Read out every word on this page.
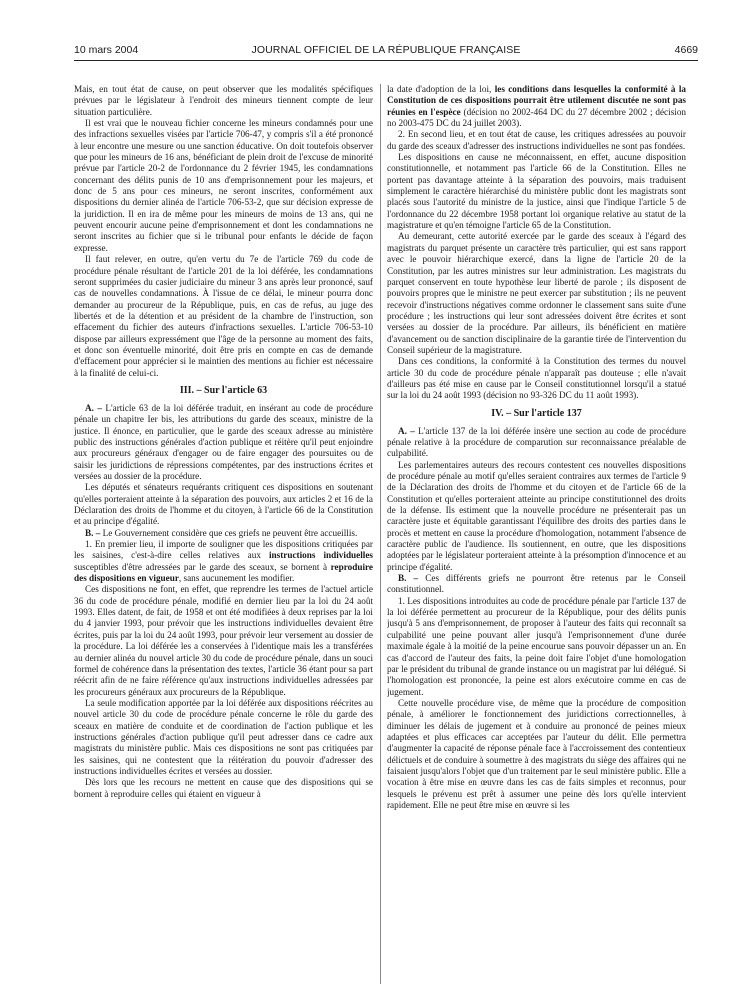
10 mars 2004	JOURNAL OFFICIEL DE LA RÉPUBLIQUE FRANÇAISE	4669

Mais, en tout état de cause, on peut observer que les modalités spécifiques prévues par le législateur à l'endroit des mineurs tiennent compte de leur situation particulière.

Il est vrai que le nouveau fichier concerne les mineurs condamnés pour une des infractions sexuelles visées par l'article 706-47, y compris s'il a été prononcé à leur encontre une mesure ou une sanction éducative. On doit toutefois observer que pour les mineurs de 16 ans, bénéficiant de plein droit de l'excuse de minorité prévue par l'article 20-2 de l'ordonnance du 2 février 1945, les condamnations concernant des délits punis de 10 ans d'emprisonnement pour les majeurs, et donc de 5 ans pour ces mineurs, ne seront inscrites, conformément aux dispositions du dernier alinéa de l'article 706-53-2, que sur décision expresse de la juridiction. Il en ira de même pour les mineurs de moins de 13 ans, qui ne peuvent encourir aucune peine d'emprisonnement et dont les condamnations ne seront inscrites au fichier que si le tribunal pour enfants le décide de façon expresse.

Il faut relever, en outre, qu'en vertu du 7e de l'article 769 du code de procédure pénale résultant de l'article 201 de la loi déférée, les condamnations seront supprimées du casier judiciaire du mineur 3 ans après leur prononcé, sauf cas de nouvelles condamnations. À l'issue de ce délai, le mineur pourra donc demander au procureur de la République, puis, en cas de refus, au juge des libertés et de la détention et au président de la chambre de l'instruction, son effacement du fichier des auteurs d'infractions sexuelles. L'article 706-53-10 dispose par ailleurs expressément que l'âge de la personne au moment des faits, et donc son éventuelle minorité, doit être pris en compte en cas de demande d'effacement pour apprécier si le maintien des mentions au fichier est nécessaire à la finalité de celui-ci.

III. – Sur l'article 63

A. – L'article 63 de la loi déférée traduit, en insérant au code de procédure pénale un chapitre Ier bis, les attributions du garde des sceaux, ministre de la justice. Il énonce, en particulier, que le garde des sceaux adresse au ministère public des instructions générales d'action publique et réitère qu'il peut enjoindre aux procureurs généraux d'engager ou de faire engager des poursuites ou de saisir les juridictions de répressions compétentes, par des instructions écrites et versées au dossier de la procédure.

Les députés et sénateurs requérants critiquent ces dispositions en soutenant qu'elles porteraient atteinte à la séparation des pouvoirs, aux articles 2 et 16 de la Déclaration des droits de l'homme et du citoyen, à l'article 66 de la Constitution et au principe d'égalité.

B. – Le Gouvernement considère que ces griefs ne peuvent être accueillis.

1. En premier lieu, il importe de souligner que les dispositions critiquées par les saisines, c'est-à-dire celles relatives aux instructions individuelles susceptibles d'être adressées par le garde des sceaux, se bornent à reproduire des dispositions en vigueur, sans aucunement les modifier.

Ces dispositions ne font, en effet, que reprendre les termes de l'actuel article 36 du code de procédure pénale, modifié en dernier lieu par la loi du 24 août 1993. Elles datent, de fait, de 1958 et ont été modifiées à deux reprises par la loi du 4 janvier 1993, pour prévoir que les instructions individuelles devaient être écrites, puis par la loi du 24 août 1993, pour prévoir leur versement au dossier de la procédure. La loi déférée les a conservées à l'identique mais les a transférées au dernier alinéa du nouvel article 30 du code de procédure pénale, dans un souci formel de cohérence dans la présentation des textes, l'article 36 étant pour sa part réécrit afin de ne faire référence qu'aux instructions individuelles adressées par les procureurs généraux aux procureurs de la République.

La seule modification apportée par la loi déférée aux dispositions réécrites au nouvel article 30 du code de procédure pénale concerne le rôle du garde des sceaux en matière de conduite et de coordination de l'action publique et les instructions générales d'action publique qu'il peut adresser dans ce cadre aux magistrats du ministère public. Mais ces dispositions ne sont pas critiquées par les saisines, qui ne contestent que la réitération du pouvoir d'adresser des instructions individuelles écrites et versées au dossier.

Dès lors que les recours ne mettent en cause que des dispositions qui se bornent à reproduire celles qui étaient en vigueur à

la date d'adoption de la loi, les conditions dans lesquelles la conformité à la Constitution de ces dispositions pourrait être utilement discutée ne sont pas réunies en l'espèce (décision no 2002-464 DC du 27 décembre 2002 ; décision no 2003-475 DC du 24 juillet 2003).

2. En second lieu, et en tout état de cause, les critiques adressées au pouvoir du garde des sceaux d'adresser des instructions individuelles ne sont pas fondées.

Les dispositions en cause ne méconnaissent, en effet, aucune disposition constitutionnelle, et notamment pas l'article 66 de la Constitution. Elles ne portent pas davantage atteinte à la séparation des pouvoirs, mais traduisent simplement le caractère hiérarchisé du ministère public dont les magistrats sont placés sous l'autorité du ministre de la justice, ainsi que l'indique l'article 5 de l'ordonnance du 22 décembre 1958 portant loi organique relative au statut de la magistrature et qu'en témoigne l'article 65 de la Constitution.

Au demeurant, cette autorité exercée par le garde des sceaux à l'égard des magistrats du parquet présente un caractère très particulier, qui est sans rapport avec le pouvoir hiérarchique exercé, dans la ligne de l'article 20 de la Constitution, par les autres ministres sur leur administration. Les magistrats du parquet conservent en toute hypothèse leur liberté de parole ; ils disposent de pouvoirs propres que le ministre ne peut exercer par substitution ; ils ne peuvent recevoir d'instructions négatives comme ordonner le classement sans suite d'une procédure ; les instructions qui leur sont adressées doivent être écrites et sont versées au dossier de la procédure. Par ailleurs, ils bénéficient en matière d'avancement ou de sanction disciplinaire de la garantie tirée de l'intervention du Conseil supérieur de la magistrature.

Dans ces conditions, la conformité à la Constitution des termes du nouvel article 30 du code de procédure pénale n'apparaît pas douteuse ; elle n'avait d'ailleurs pas été mise en cause par le Conseil constitutionnel lorsqu'il a statué sur la loi du 24 août 1993 (décision no 93-326 DC du 11 août 1993).

IV. – Sur l'article 137

A. – L'article 137 de la loi déférée insère une section au code de procédure pénale relative à la procédure de comparution sur reconnaissance préalable de culpabilité.

Les parlementaires auteurs des recours contestent ces nouvelles dispositions de procédure pénale au motif qu'elles seraient contraires aux termes de l'article 9 de la Déclaration des droits de l'homme et du citoyen et de l'article 66 de la Constitution et qu'elles porteraient atteinte au principe constitutionnel des droits de la défense. Ils estiment que la nouvelle procédure ne présenterait pas un caractère juste et équitable garantissant l'équilibre des droits des parties dans le procès et mettent en cause la procédure d'homologation, notamment l'absence de caractère public de l'audience. Ils soutiennent, en outre, que les dispositions adoptées par le législateur porteraient atteinte à la présomption d'innocence et au principe d'égalité.

B. – Ces différents griefs ne pourront être retenus par le Conseil constitutionnel.

1. Les dispositions introduites au code de procédure pénale par l'article 137 de la loi déférée permettent au procureur de la République, pour des délits punis jusqu'à 5 ans d'emprisonnement, de proposer à l'auteur des faits qui reconnaît sa culpabilité une peine pouvant aller jusqu'à l'emprisonnement d'une durée maximale égale à la moitié de la peine encourue sans pouvoir dépasser un an. En cas d'accord de l'auteur des faits, la peine doit faire l'objet d'une homologation par le président du tribunal de grande instance ou un magistrat par lui délégué. Si l'homologation est prononcée, la peine est alors exécutoire comme en cas de jugement.

Cette nouvelle procédure vise, de même que la procédure de composition pénale, à améliorer le fonctionnement des juridictions correctionnelles, à diminuer les délais de jugement et à conduire au prononcé de peines mieux adaptées et plus efficaces car acceptées par l'auteur du délit. Elle permettra d'augmenter la capacité de réponse pénale face à l'accroissement des contentieux délictuels et de conduire à soumettre à des magistrats du siège des affaires qui ne faisaient jusqu'alors l'objet que d'un traitement par le seul ministère public. Elle a vocation à être mise en œuvre dans les cas de faits simples et reconnus, pour lesquels le prévenu est prêt à assumer une peine dès lors qu'elle intervient rapidement. Elle ne peut être mise en œuvre si les
